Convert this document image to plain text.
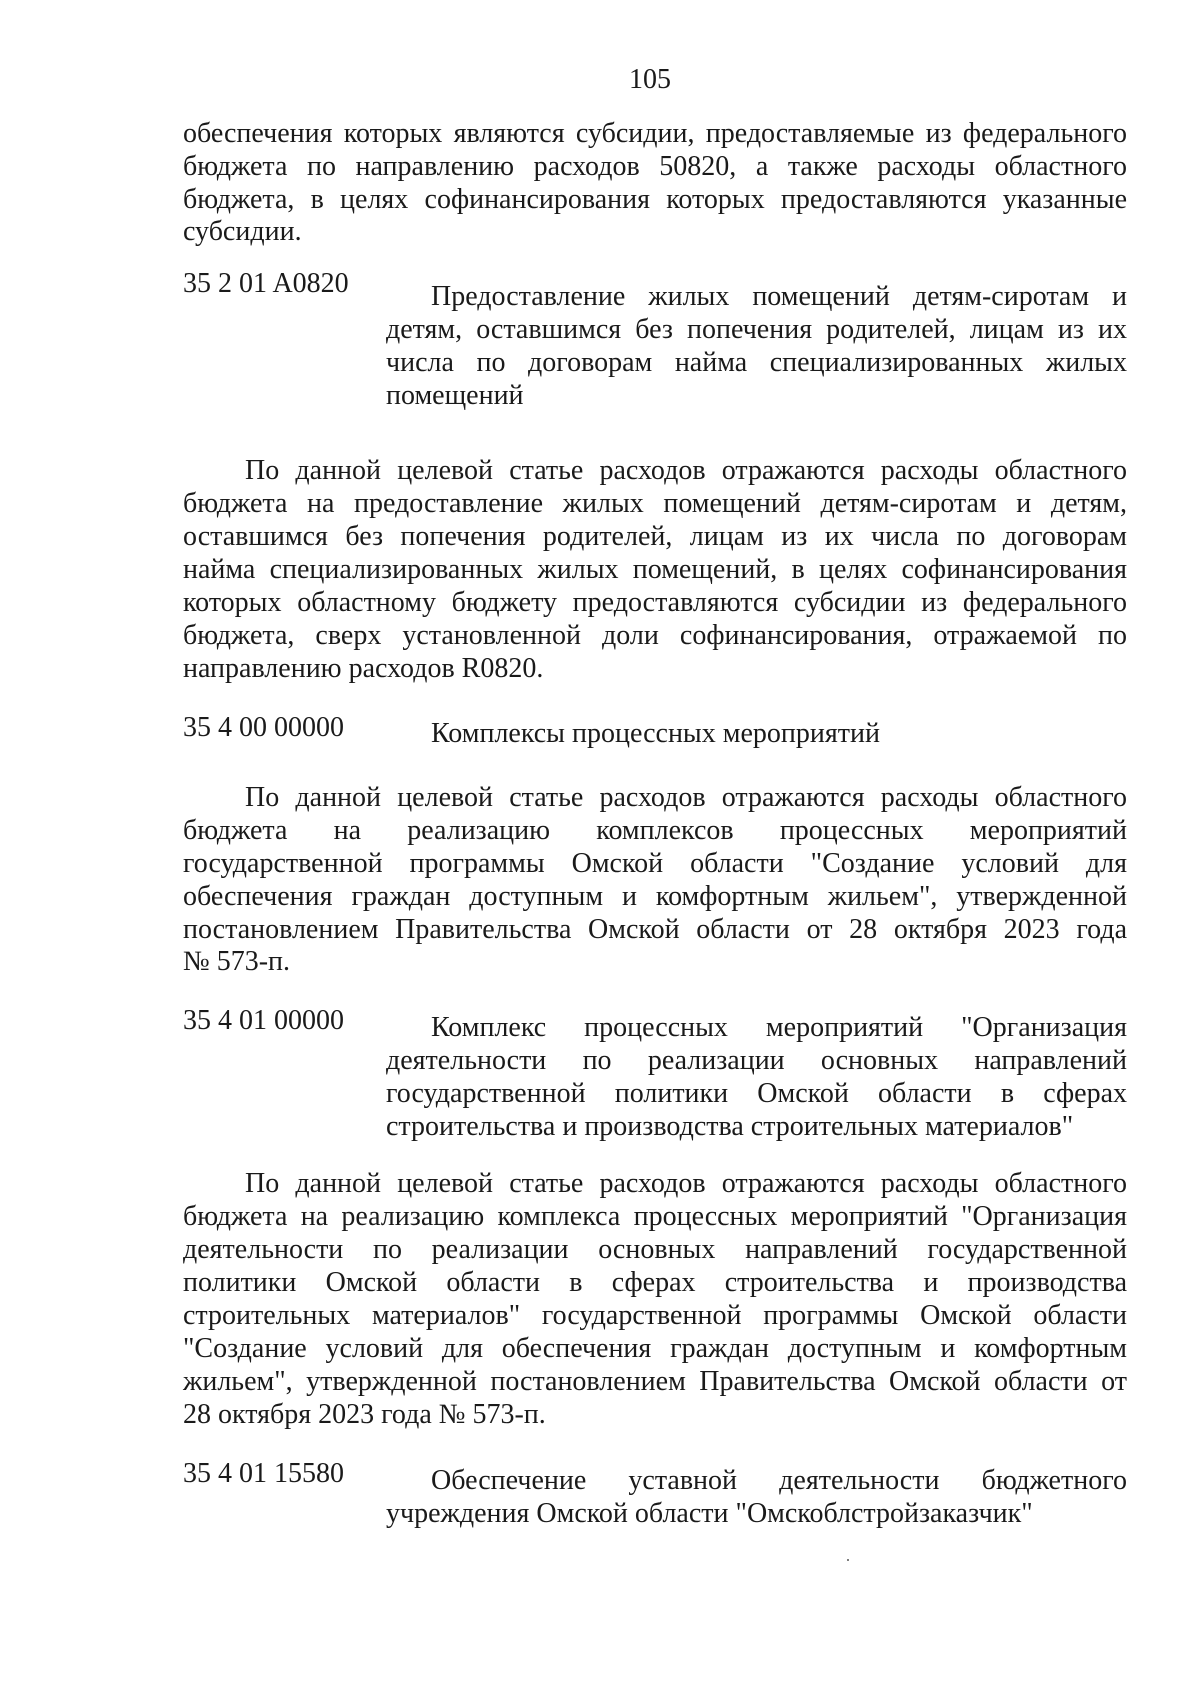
105
обеспечения которых являются субсидии, предоставляемые из федерального
бюджета по направлению расходов 50820, а также расходы областного
бюджета, в целях софинансирования которых предоставляются указанные
субсидии.
35 2 01 A0820	Предоставление жилых помещений детям-сиротам и
детям, оставшимся без попечения родителей, лицам из их
числа по договорам найма специализированных жилых
помещений
По данной целевой статье расходов отражаются расходы областного
бюджета на предоставление жилых помещений детям-сиротам и детям,
оставшимся без попечения родителей, лицам из их числа по договорам
найма специализированных жилых помещений, в целях софинансирования
которых областному бюджету предоставляются субсидии из федерального
бюджета, сверх установленной доли софинансирования, отражаемой по
направлению расходов R0820.
35 4 00 00000	Комплексы процессных мероприятий
По данной целевой статье расходов отражаются расходы областного
бюджета на реализацию комплексов процессных мероприятий
государственной программы Омской области "Создание условий для
обеспечения граждан доступным и комфортным жильем", утвержденной
постановлением Правительства Омской области от 28 октября 2023 года
№ 573-п.
35 4 01 00000	Комплекс процессных мероприятий "Организация
деятельности по реализации основных направлений
государственной политики Омской области в сферах
строительства и производства строительных материалов"
По данной целевой статье расходов отражаются расходы областного
бюджета на реализацию комплекса процессных мероприятий "Организация
деятельности по реализации основных направлений государственной
политики Омской области в сферах строительства и производства
строительных материалов" государственной программы Омской области
"Создание условий для обеспечения граждан доступным и комфортным
жильем", утвержденной постановлением Правительства Омской области от
28 октября 2023 года № 573-п.
35 4 01 15580	Обеспечение уставной деятельности бюджетного
учреждения Омской области "Омскоблстройзаказчик"
